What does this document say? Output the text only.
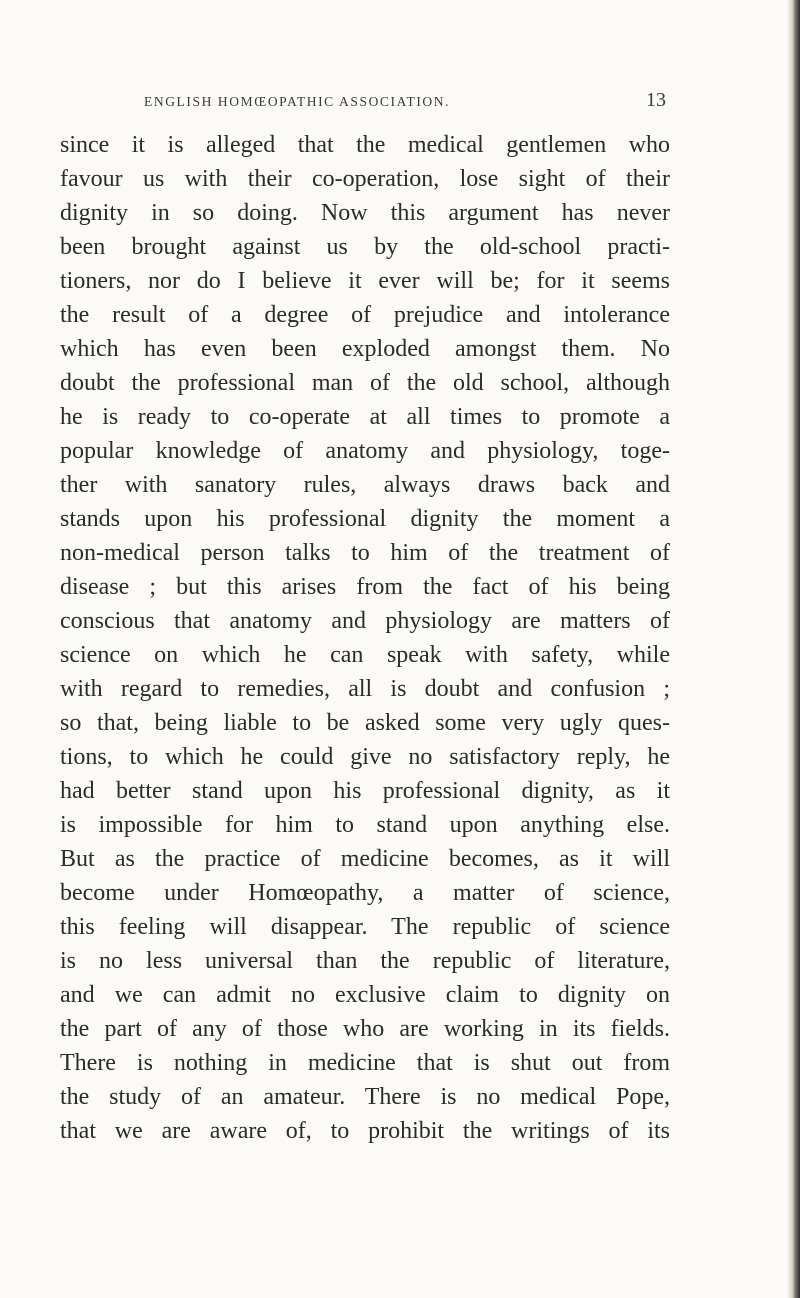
ENGLISH HOMŒOPATHIC ASSOCIATION.	13
since it is alleged that the medical gentlemen who
favour us with their co-operation, lose sight of their
dignity in so doing. Now this argument has never
been brought against us by the old-school practi-
tioners, nor do I believe it ever will be; for it seems
the result of a degree of prejudice and intolerance
which has even been exploded amongst them. No
doubt the professional man of the old school, although
he is ready to co-operate at all times to promote a
popular knowledge of anatomy and physiology, toge-
ther with sanatory rules, always draws back and
stands upon his professional dignity the moment a
non-medical person talks to him of the treatment of
disease ; but this arises from the fact of his being
conscious that anatomy and physiology are matters of
science on which he can speak with safety, while
with regard to remedies, all is doubt and confusion ;
so that, being liable to be asked some very ugly ques-
tions, to which he could give no satisfactory reply, he
had better stand upon his professional dignity, as it
is impossible for him to stand upon anything else.
But as the practice of medicine becomes, as it will
become under Homœopathy, a matter of science,
this feeling will disappear. The republic of science
is no less universal than the republic of literature,
and we can admit no exclusive claim to dignity on
the part of any of those who are working in its fields.
There is nothing in medicine that is shut out from
the study of an amateur. There is no medical Pope,
that we are aware of, to prohibit the writings of its
